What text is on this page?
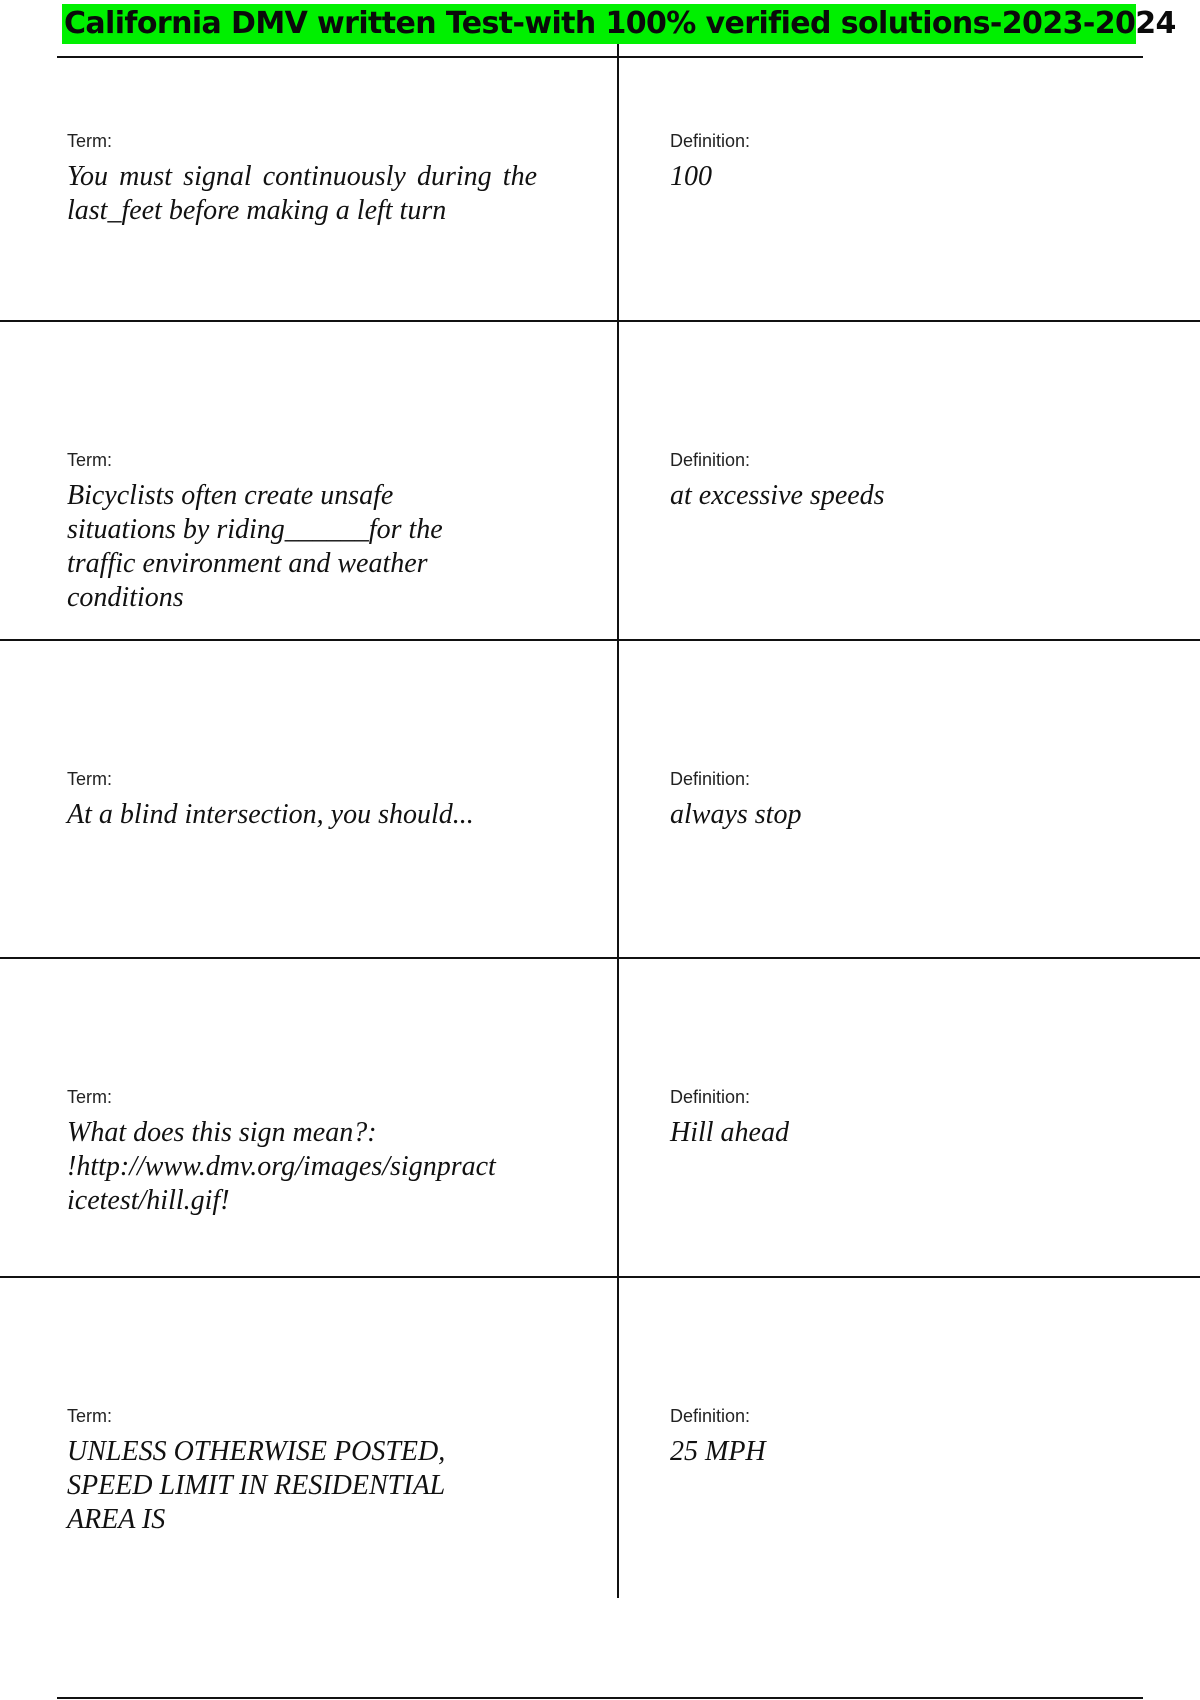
California DMV written Test-with 100% verified solutions-2023-2024
Term:
You must signal continuously during the last_feet before making a left turn
Definition:
100
Term:
Bicyclists often create unsafe
situations by riding______for the
traffic environment and weather
conditions
Definition:
at excessive speeds
Term:
At a blind intersection, you should...
Definition:
always stop
Term:
What does this sign mean?:
!http://www.dmv.org/images/signpract
icetest/hill.gif!
Definition:
Hill ahead
Term:
UNLESS OTHERWISE POSTED,
SPEED LIMIT IN RESIDENTIAL
AREA IS
Definition:
25 MPH
